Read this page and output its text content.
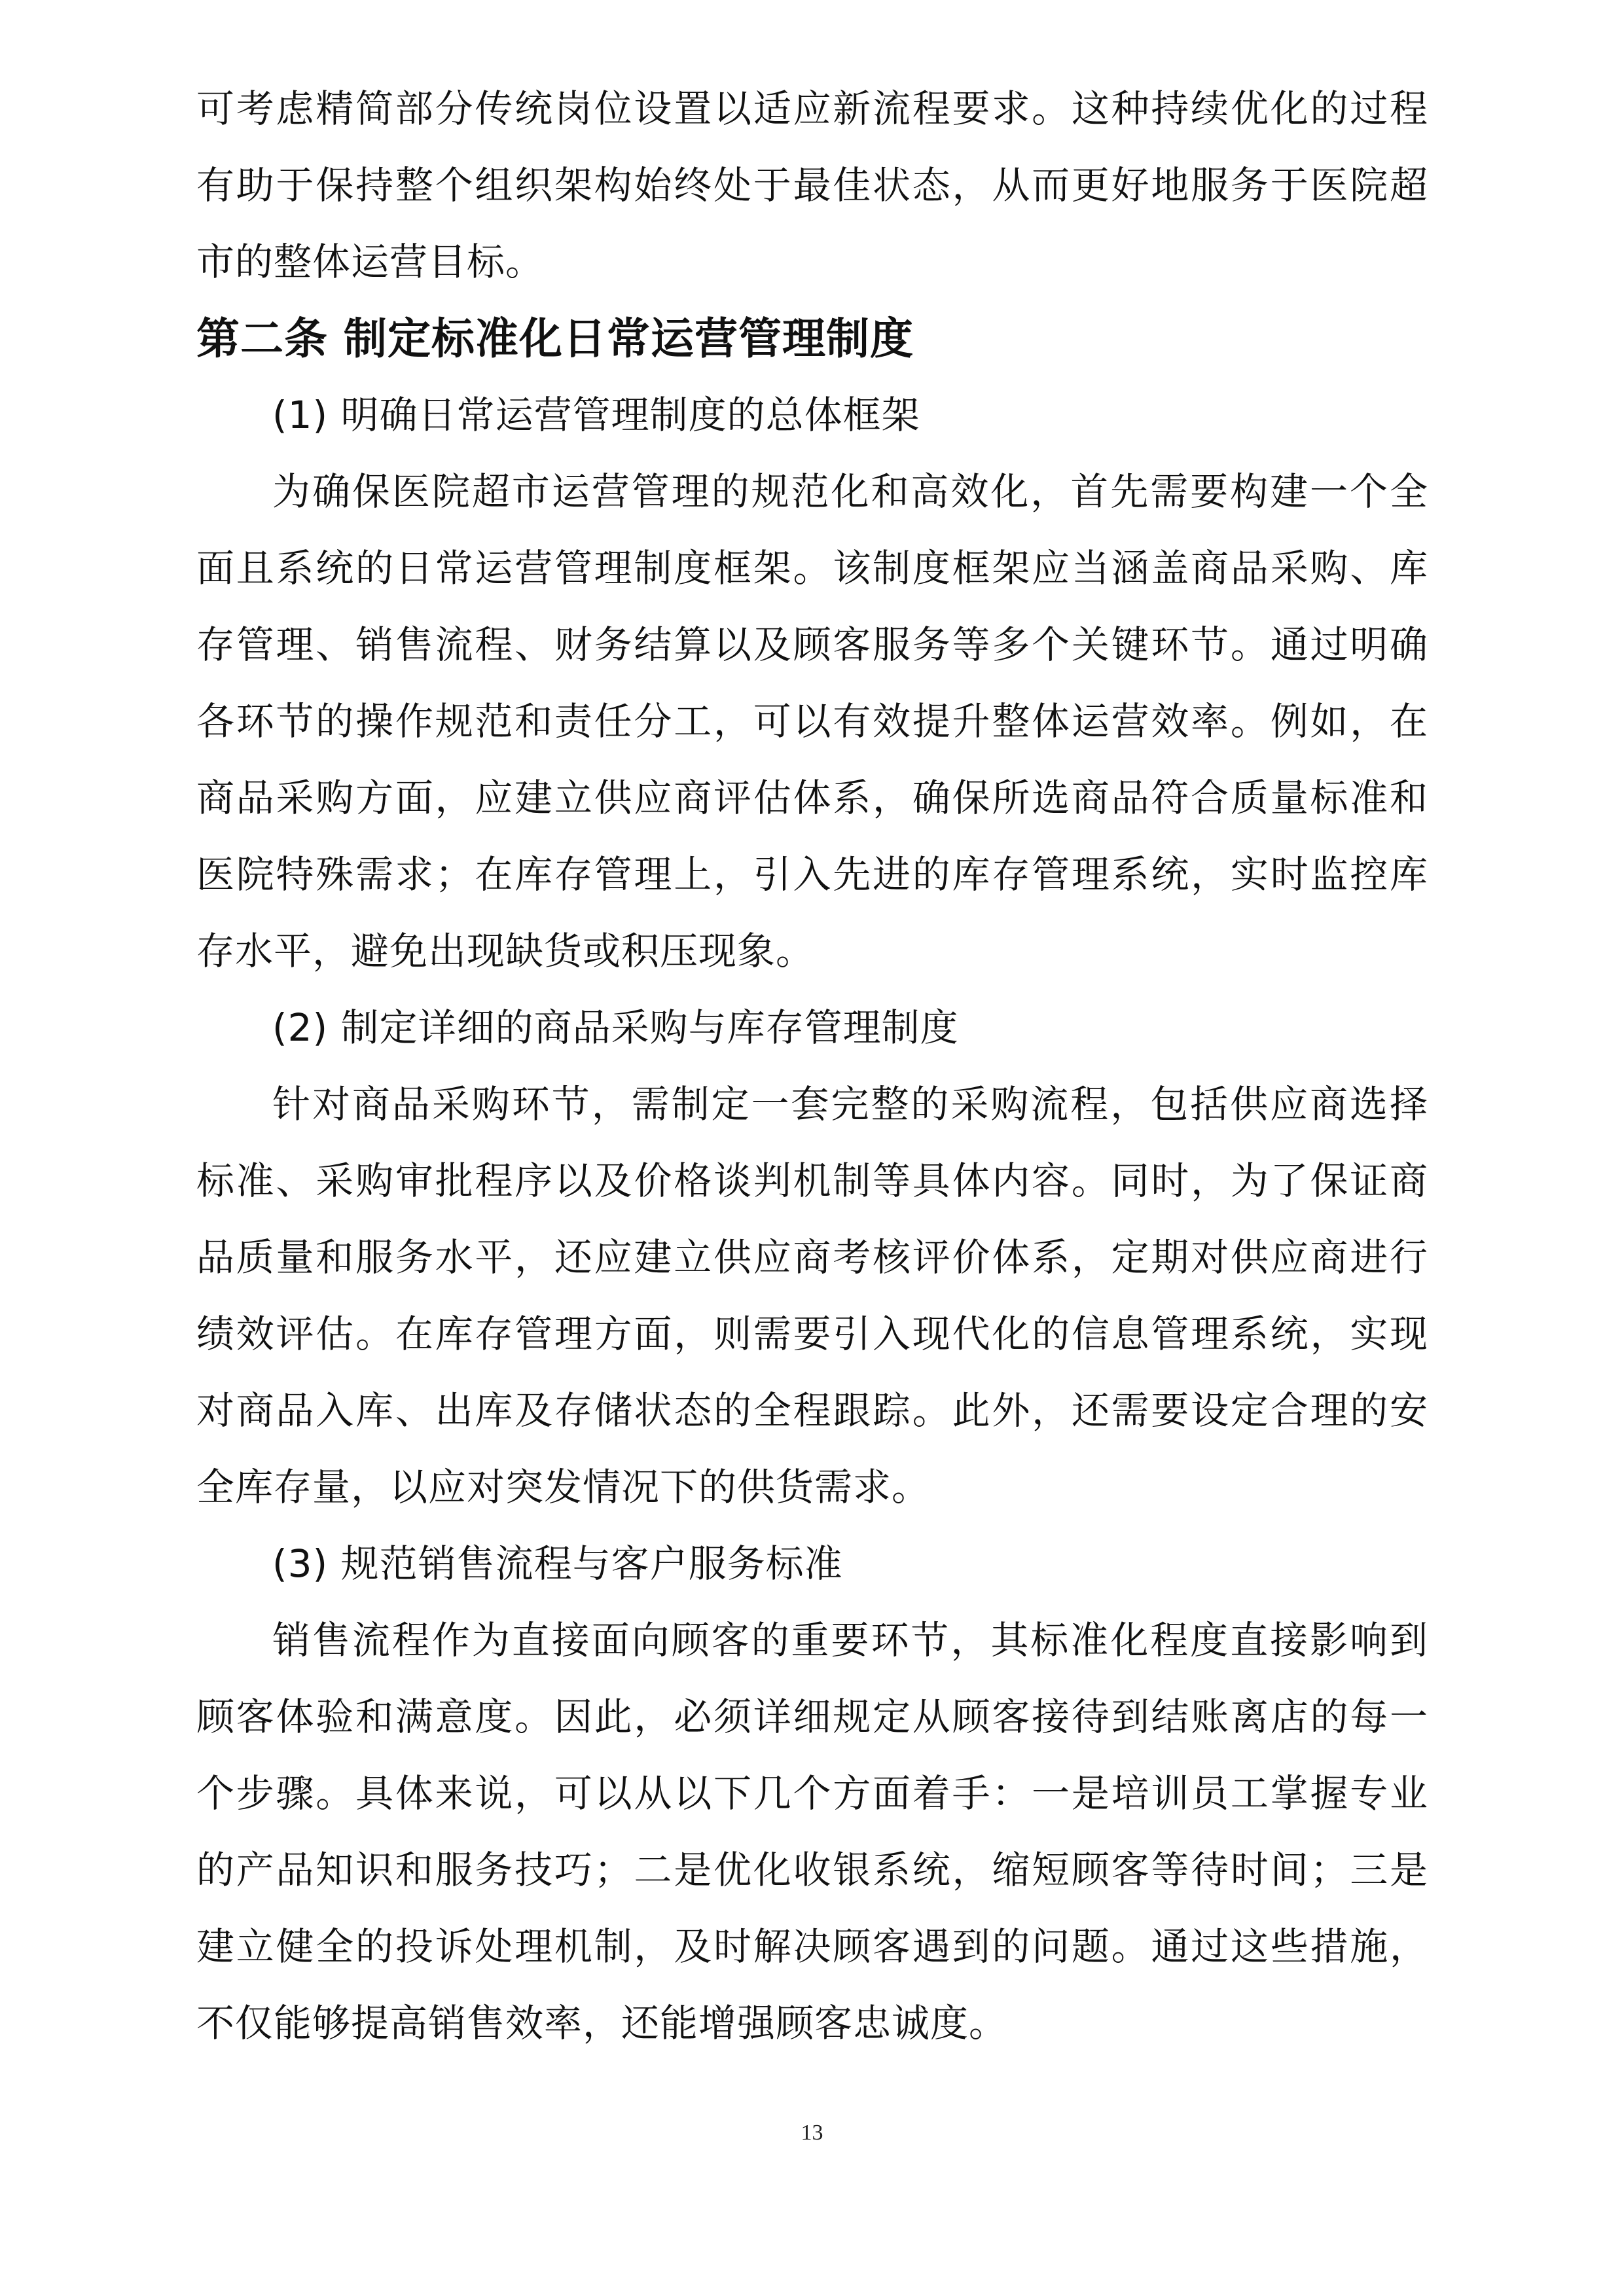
可考虑精简部分传统岗位设置以适应新流程要求。这种持续优化的过程有助于保持整个组织架构始终处于最佳状态，从而更好地服务于医院超市的整体运营目标。

第二条 制定标准化日常运营管理制度

(1) 明确日常运营管理制度的总体框架

为确保医院超市运营管理的规范化和高效化，首先需要构建一个全面且系统的日常运营管理制度框架。该制度框架应当涵盖商品采购、库存管理、销售流程、财务结算以及顾客服务等多个关键环节。通过明确各环节的操作规范和责任分工，可以有效提升整体运营效率。例如，在商品采购方面，应建立供应商评估体系，确保所选商品符合质量标准和医院特殊需求；在库存管理上，引入先进的库存管理系统，实时监控库存水平，避免出现缺货或积压现象。

(2) 制定详细的商品采购与库存管理制度

针对商品采购环节，需制定一套完整的采购流程，包括供应商选择标准、采购审批程序以及价格谈判机制等具体内容。同时，为了保证商品质量和服务水平，还应建立供应商考核评价体系，定期对供应商进行绩效评估。在库存管理方面，则需要引入现代化的信息管理系统，实现对商品入库、出库及存储状态的全程跟踪。此外，还需要设定合理的安全库存量，以应对突发情况下的供货需求。

(3) 规范销售流程与客户服务标准

销售流程作为直接面向顾客的重要环节，其标准化程度直接影响到顾客体验和满意度。因此，必须详细规定从顾客接待到结账离店的每一个步骤。具体来说，可以从以下几个方面着手：一是培训员工掌握专业的产品知识和服务技巧；二是优化收银系统，缩短顾客等待时间；三是建立健全的投诉处理机制，及时解决顾客遇到的问题。通过这些措施，不仅能够提高销售效率，还能增强顾客忠诚度。

13
